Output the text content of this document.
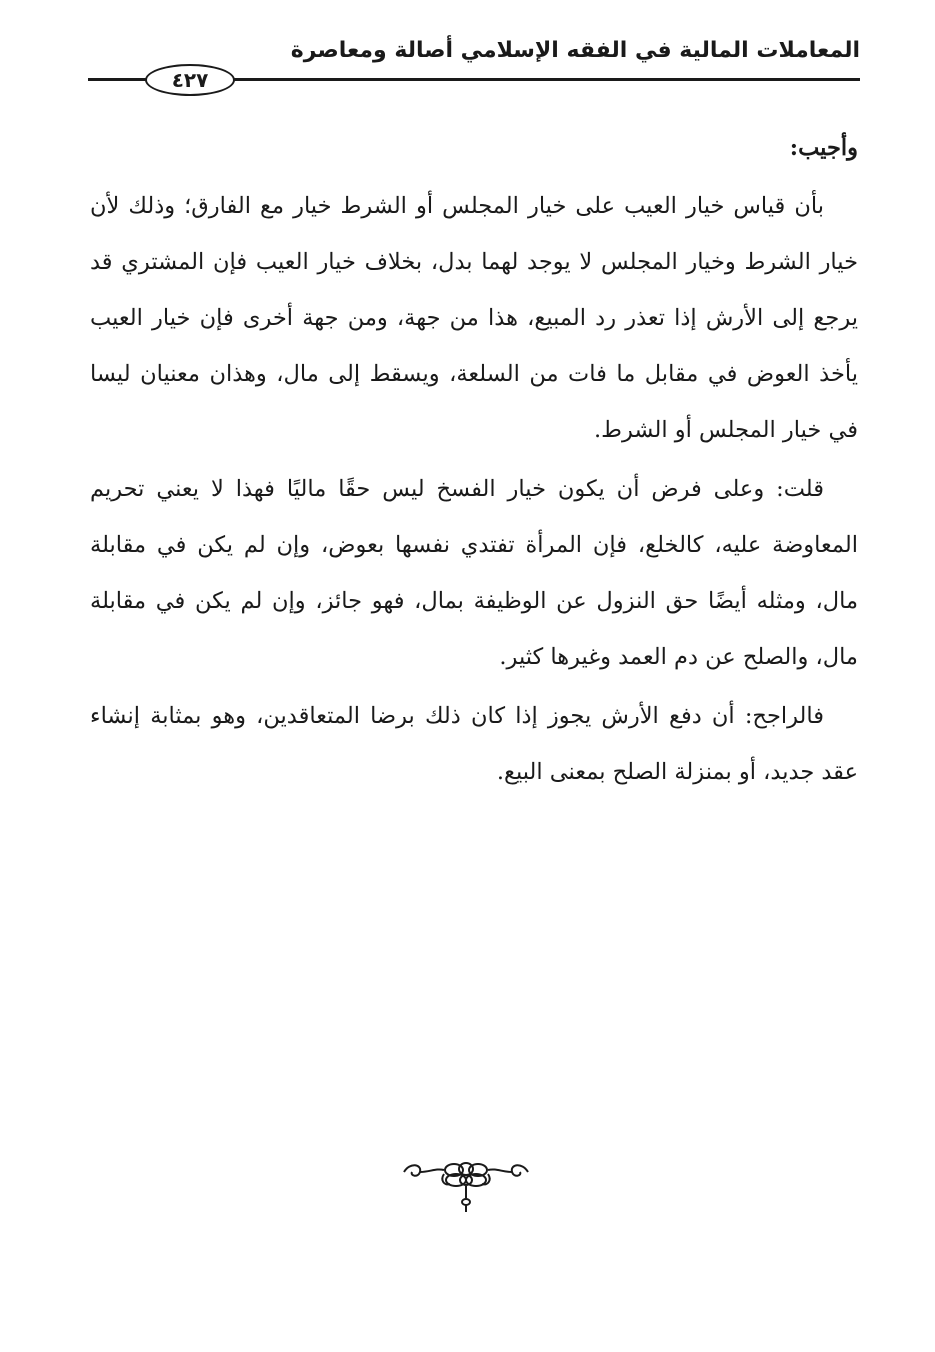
المعاملات المالية في الفقه الإسلامي أصالة ومعاصرة
٤٢٧

وأجيب:

بأن قياس خيار العيب على خيار المجلس أو الشرط خيار مع الفارق؛ وذلك لأن خيار الشرط وخيار المجلس لا يوجد لهما بدل، بخلاف خيار العيب فإن المشتري قد يرجع إلى الأرش إذا تعذر رد المبيع، هذا من جهة، ومن جهة أخرى فإن خيار العيب يأخذ العوض في مقابل ما فات من السلعة، ويسقط إلى مال، وهذان معنيان ليسا في خيار المجلس أو الشرط.

قلت: وعلى فرض أن يكون خيار الفسخ ليس حقًا ماليًا فهذا لا يعني تحريم المعاوضة عليه، كالخلع، فإن المرأة تفتدي نفسها بعوض، وإن لم يكن في مقابلة مال، ومثله أيضًا حق النزول عن الوظيفة بمال، فهو جائز، وإن لم يكن في مقابلة مال، والصلح عن دم العمد وغيرها كثير.

فالراجح: أن دفع الأرش يجوز إذا كان ذلك برضا المتعاقدين، وهو بمثابة إنشاء عقد جديد، أو بمنزلة الصلح بمعنى البيع.
